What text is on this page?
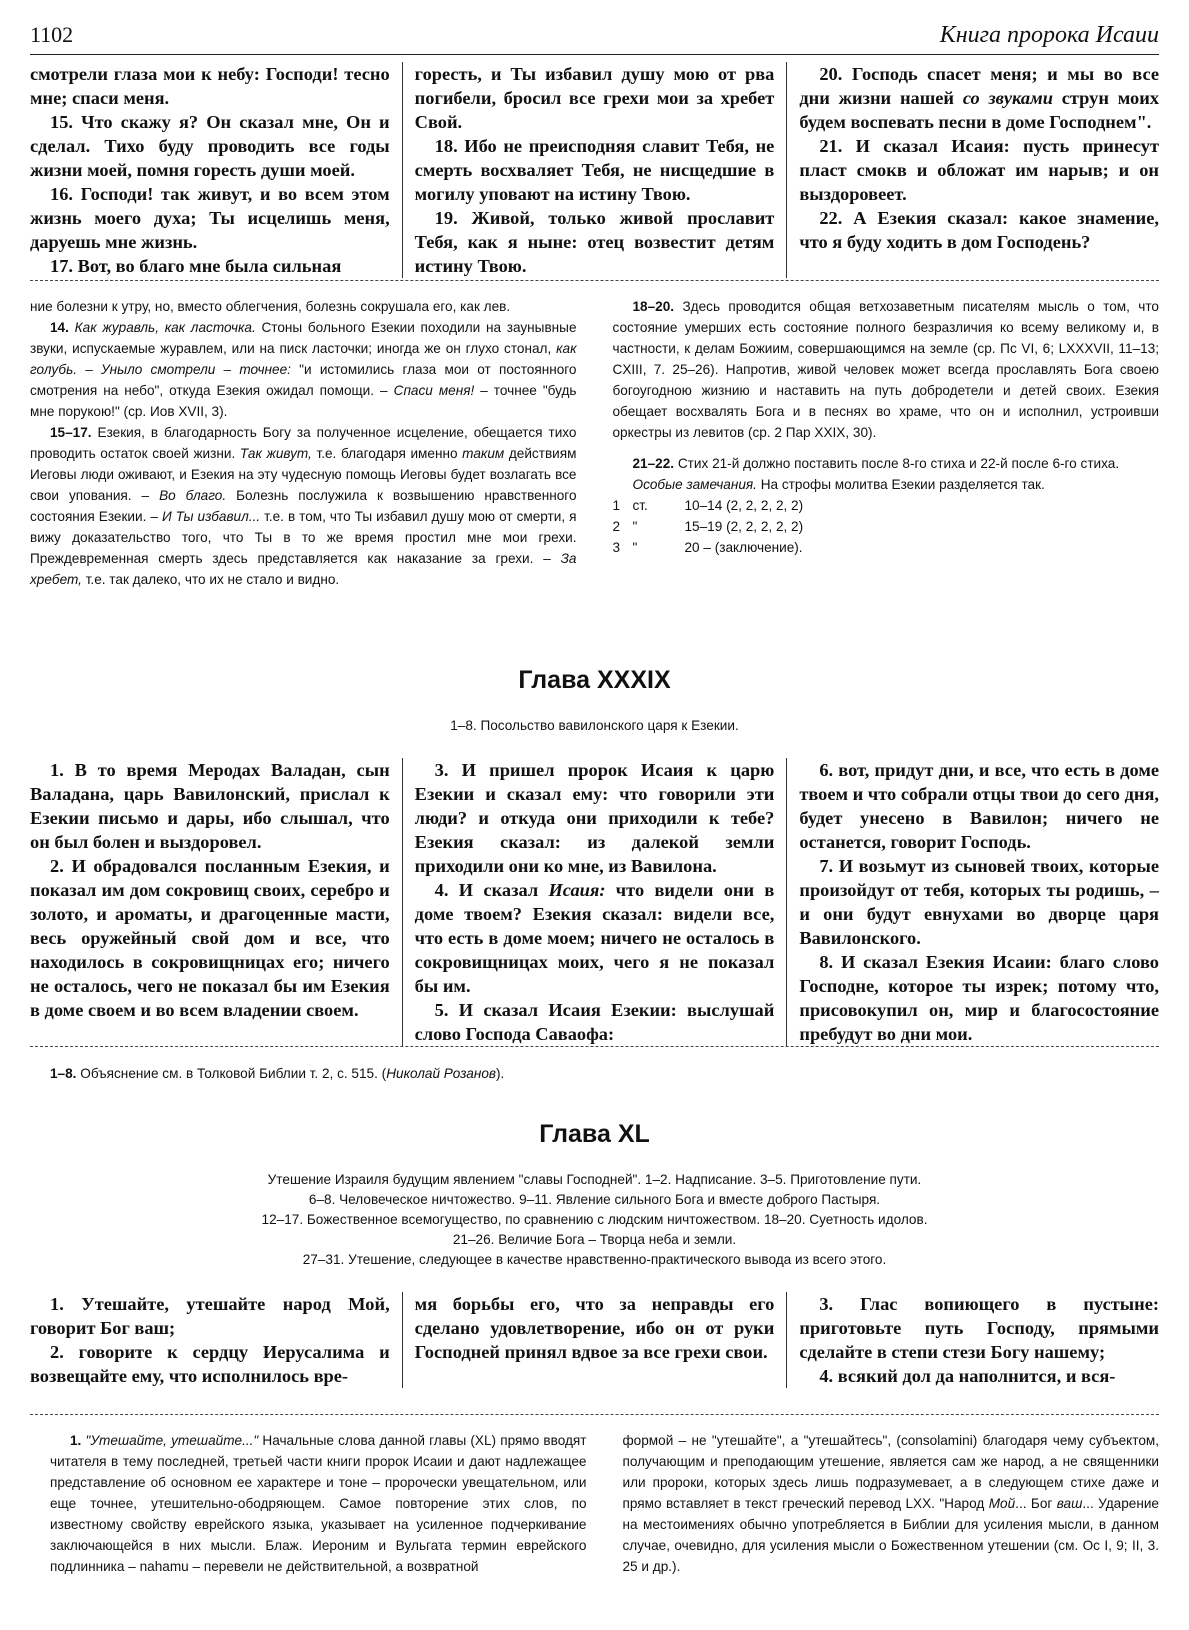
1102	Книга пророка Исаии

смотрели глаза мои к небу: Господи! тесно мне; спаси меня.

15. Что скажу я? Он сказал мне, Он и сделал. Тихо буду проводить все годы жизни моей, помня горесть души моей.

16. Господи! так живут, и во всем этом жизнь моего духа; Ты исцелишь меня, даруешь мне жизнь.

17. Вот, во благо мне была сильная

горесть, и Ты избавил душу мою от рва погибели, бросил все грехи мои за хребет Свой.

18. Ибо не преисподняя славит Тебя, не смерть восхваляет Тебя, не нисщедшие в могилу уповают на истину Твою.

19. Живой, только живой прославит Тебя, как я ныне: отец возвестит детям истину Твою.

20. Господь спасет меня; и мы во все дни жизни нашей со звуками струн моих будем воспевать песни в доме Господнем".

21. И сказал Исаия: пусть принесут пласт смокв и обложат им нарыв; и он выздоровеет.

22. А Езекия сказал: какое знамение, что я буду ходить в дом Господень?

ние болезни к утру, но, вместо облегчения, болезнь сокрушала его, как лев.

14. Как журавль, как ласточка. Стоны больного Езекии походили на заунывные звуки, испускаемые журавлем, или на писк ласточки; иногда же он глухо стонал, как голубь. – Уныло смотрели – точнее: "и истомились глаза мои от постоянного смотрения на небо", откуда Езекия ожидал помощи. – Спаси меня! – точнее "будь мне порукою!" (ср. Иов XVII, 3).

15–17. Езекия, в благодарность Богу за полученное исцеление, обещается тихо проводить остаток своей жизни. Так живут, т.е. благодаря именно таким действиям Иеговы люди оживают, и Езекия на эту чудесную помощь Иеговы будет возлагать все свои упования. – Во благо. Болезнь послужила к возвышению нравственного состояния Езекии. – И Ты избавил... т.е. в том, что Ты избавил душу мою от смерти, я вижу доказательство того, что Ты в то же время простил мне мои грехи. Преждевременная смерть здесь представляется как наказание за грехи. – За хребет, т.е. так далеко, что их не стало и видно.

18–20. Здесь проводится общая ветхозаветным писателям мысль о том, что состояние умерших есть состояние полного безразличия ко всему великому и, в частности, к делам Божиим, совершающимся на земле (ср. Пс VI, 6; LXXXVII, 11–13; CXIII, 7. 25–26). Напротив, живой человек может всегда прославлять Бога своею богоугодною жизнию и наставить на путь добродетели и детей своих. Езекия обещает восхвалять Бога и в песнях во храме, что он и исполнил, устроивши оркестры из левитов (ср. 2 Пар XXIX, 30).

21–22. Стих 21-й должно поставить после 8-го стиха и 22-й после 6-го стиха.

Особые замечания. На строфы молитва Езекии разделяется так.

1 ст.	10–14 (2, 2, 2, 2, 2)
2 "	15–19 (2, 2, 2, 2, 2)
3 "	20 – (заключение).
Глава XXXIX
1–8. Посольство вавилонского царя к Езекии.

1. В то время Меродах Валадан, сын Валадана, царь Вавилонский, прислал к Езекии письмо и дары, ибо слышал, что он был болен и выздоровел.

2. И обрадовался посланным Езекия, и показал им дом сокровищ своих, серебро и золото, и ароматы, и драгоценные масти, весь оружейный свой дом и все, что находилось в сокровищницах его; ничего не осталось, чего не показал бы им Езекия в доме своем и во всем владении своем.

3. И пришел пророк Исаия к царю Езекии и сказал ему: что говорили эти люди? и откуда они приходили к тебе? Езекия сказал: из далекой земли приходили они ко мне, из Вавилона.

4. И сказал Исаия: что видели они в доме твоем? Езекия сказал: видели все, что есть в доме моем; ничего не осталось в сокровищницах моих, чего я не показал бы им.

5. И сказал Исаия Езекии: выслушай слово Господа Саваофа:

6. вот, придут дни, и все, что есть в доме твоем и что собрали отцы твои до сего дня, будет унесено в Вавилон; ничего не останется, говорит Господь.

7. И возьмут из сыновей твоих, которые произойдут от тебя, которых ты родишь, – и они будут евнухами во дворце царя Вавилонского.

8. И сказал Езекия Исаии: благо слово Господне, которое ты изрек; потому что, присовокупил он, мир и благосостояние пребудут во дни мои.

1–8. Объяснение см. в Толковой Библии т. 2, с. 515. (Николай Розанов).
Глава XL
Утешение Израиля будущим явлением "славы Господней". 1–2. Надписание. 3–5. Приготовление пути.
6–8. Человеческое ничтожество. 9–11. Явление сильного Бога и вместе доброго Пастыря.
12–17. Божественное всемогущество, по сравнению с людским ничтожеством. 18–20. Суетность идолов.
21–26. Величие Бога – Творца неба и земли.
27–31. Утешение, следующее в качестве нравственно-практического вывода из всего этого.

1. Утешайте, утешайте народ Мой, говорит Бог ваш;

2. говорите к сердцу Иерусалима и возвещайте ему, что исполнилось вре-

мя борьбы его, что за неправды его сделано удовлетворение, ибо он от руки Господней принял вдвое за все грехи свои.

3. Глас вопиющего в пустыне: приготовьте путь Господу, прямыми сделайте в степи стези Богу нашему;

4. всякий дол да наполнится, и вся-

1. "Утешайте, утешайте..." Начальные слова данной главы (XL) прямо вводят читателя в тему последней, третьей части книги пророк Исаии и дают надлежащее представление об основном ее характере и тоне – пророчески увещательном, или еще точнее, утешительно-ободряющем. Самое повторение этих слов, по известному свойству еврейского языка, указывает на усиленное подчеркивание заключающейся в них мысли. Блаж. Иероним и Вульгата термин еврейского подлинника – nahamu – перевели не действительной, а возвратной

формой – не "утешайте", а "утешайтесь", (consolamini) благодаря чему субъектом, получающим и преподающим утешение, является сам же народ, а не священники или пророки, которых здесь лишь подразумевает, а в следующем стихе даже и прямо вставляет в текст греческий перевод LXX. "Народ Мой... Бог ваш... Ударение на местоимениях обычно употребляется в Библии для усиления мысли, в данном случае, очевидно, для усиления мысли о Божественном утешении (см. Ос I, 9; II, 3. 25 и др.).
